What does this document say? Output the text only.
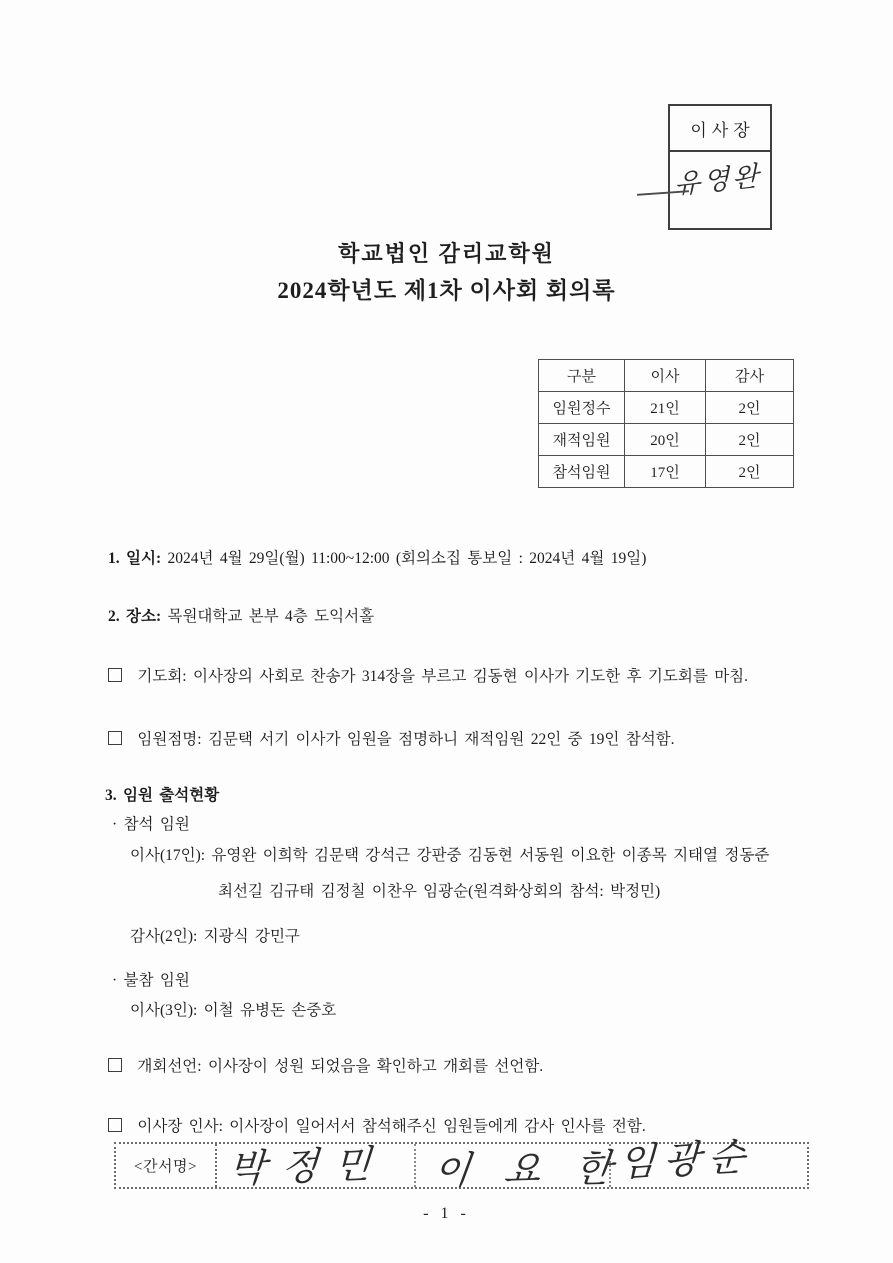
이사장
유영완
학교법인 감리교학원
2024학년도 제1차 이사회 회의록
구분	이사	감사
임원정수	21인	2인
재적임원	20인	2인
참석임원	17인	2인
1. 일시: 2024년 4월 29일(월) 11:00~12:00 (회의소집 통보일 : 2024년 4월 19일)
2. 장소: 목원대학교 본부 4층 도익서홀
기도회: 이사장의 사회로 찬송가 314장을 부르고 김동현 이사가 기도한 후 기도회를 마침.
임원점명: 김문택 서기 이사가 임원을 점명하니 재적임원 22인 중 19인 참석함.
3. 임원 출석현황
· 참석 임원
이사(17인): 유영완 이희학 김문택 강석근 강판중 김동현 서동원 이요한 이종목 지태열 정동준
최선길 김규태 김정칠 이찬우 임광순(원격화상회의 참석: 박정민)
감사(2인): 지광식 강민구
· 불참 임원
이사(3인): 이철 유병돈 손중호
개회선언: 이사장이 성원 되었음을 확인하고 개회를 선언함.
이사장 인사: 이사장이 일어서서 참석해주신 임원들에게 감사 인사를 전함.
<간서명> 박정민 이요한
임광순
- 1 -
